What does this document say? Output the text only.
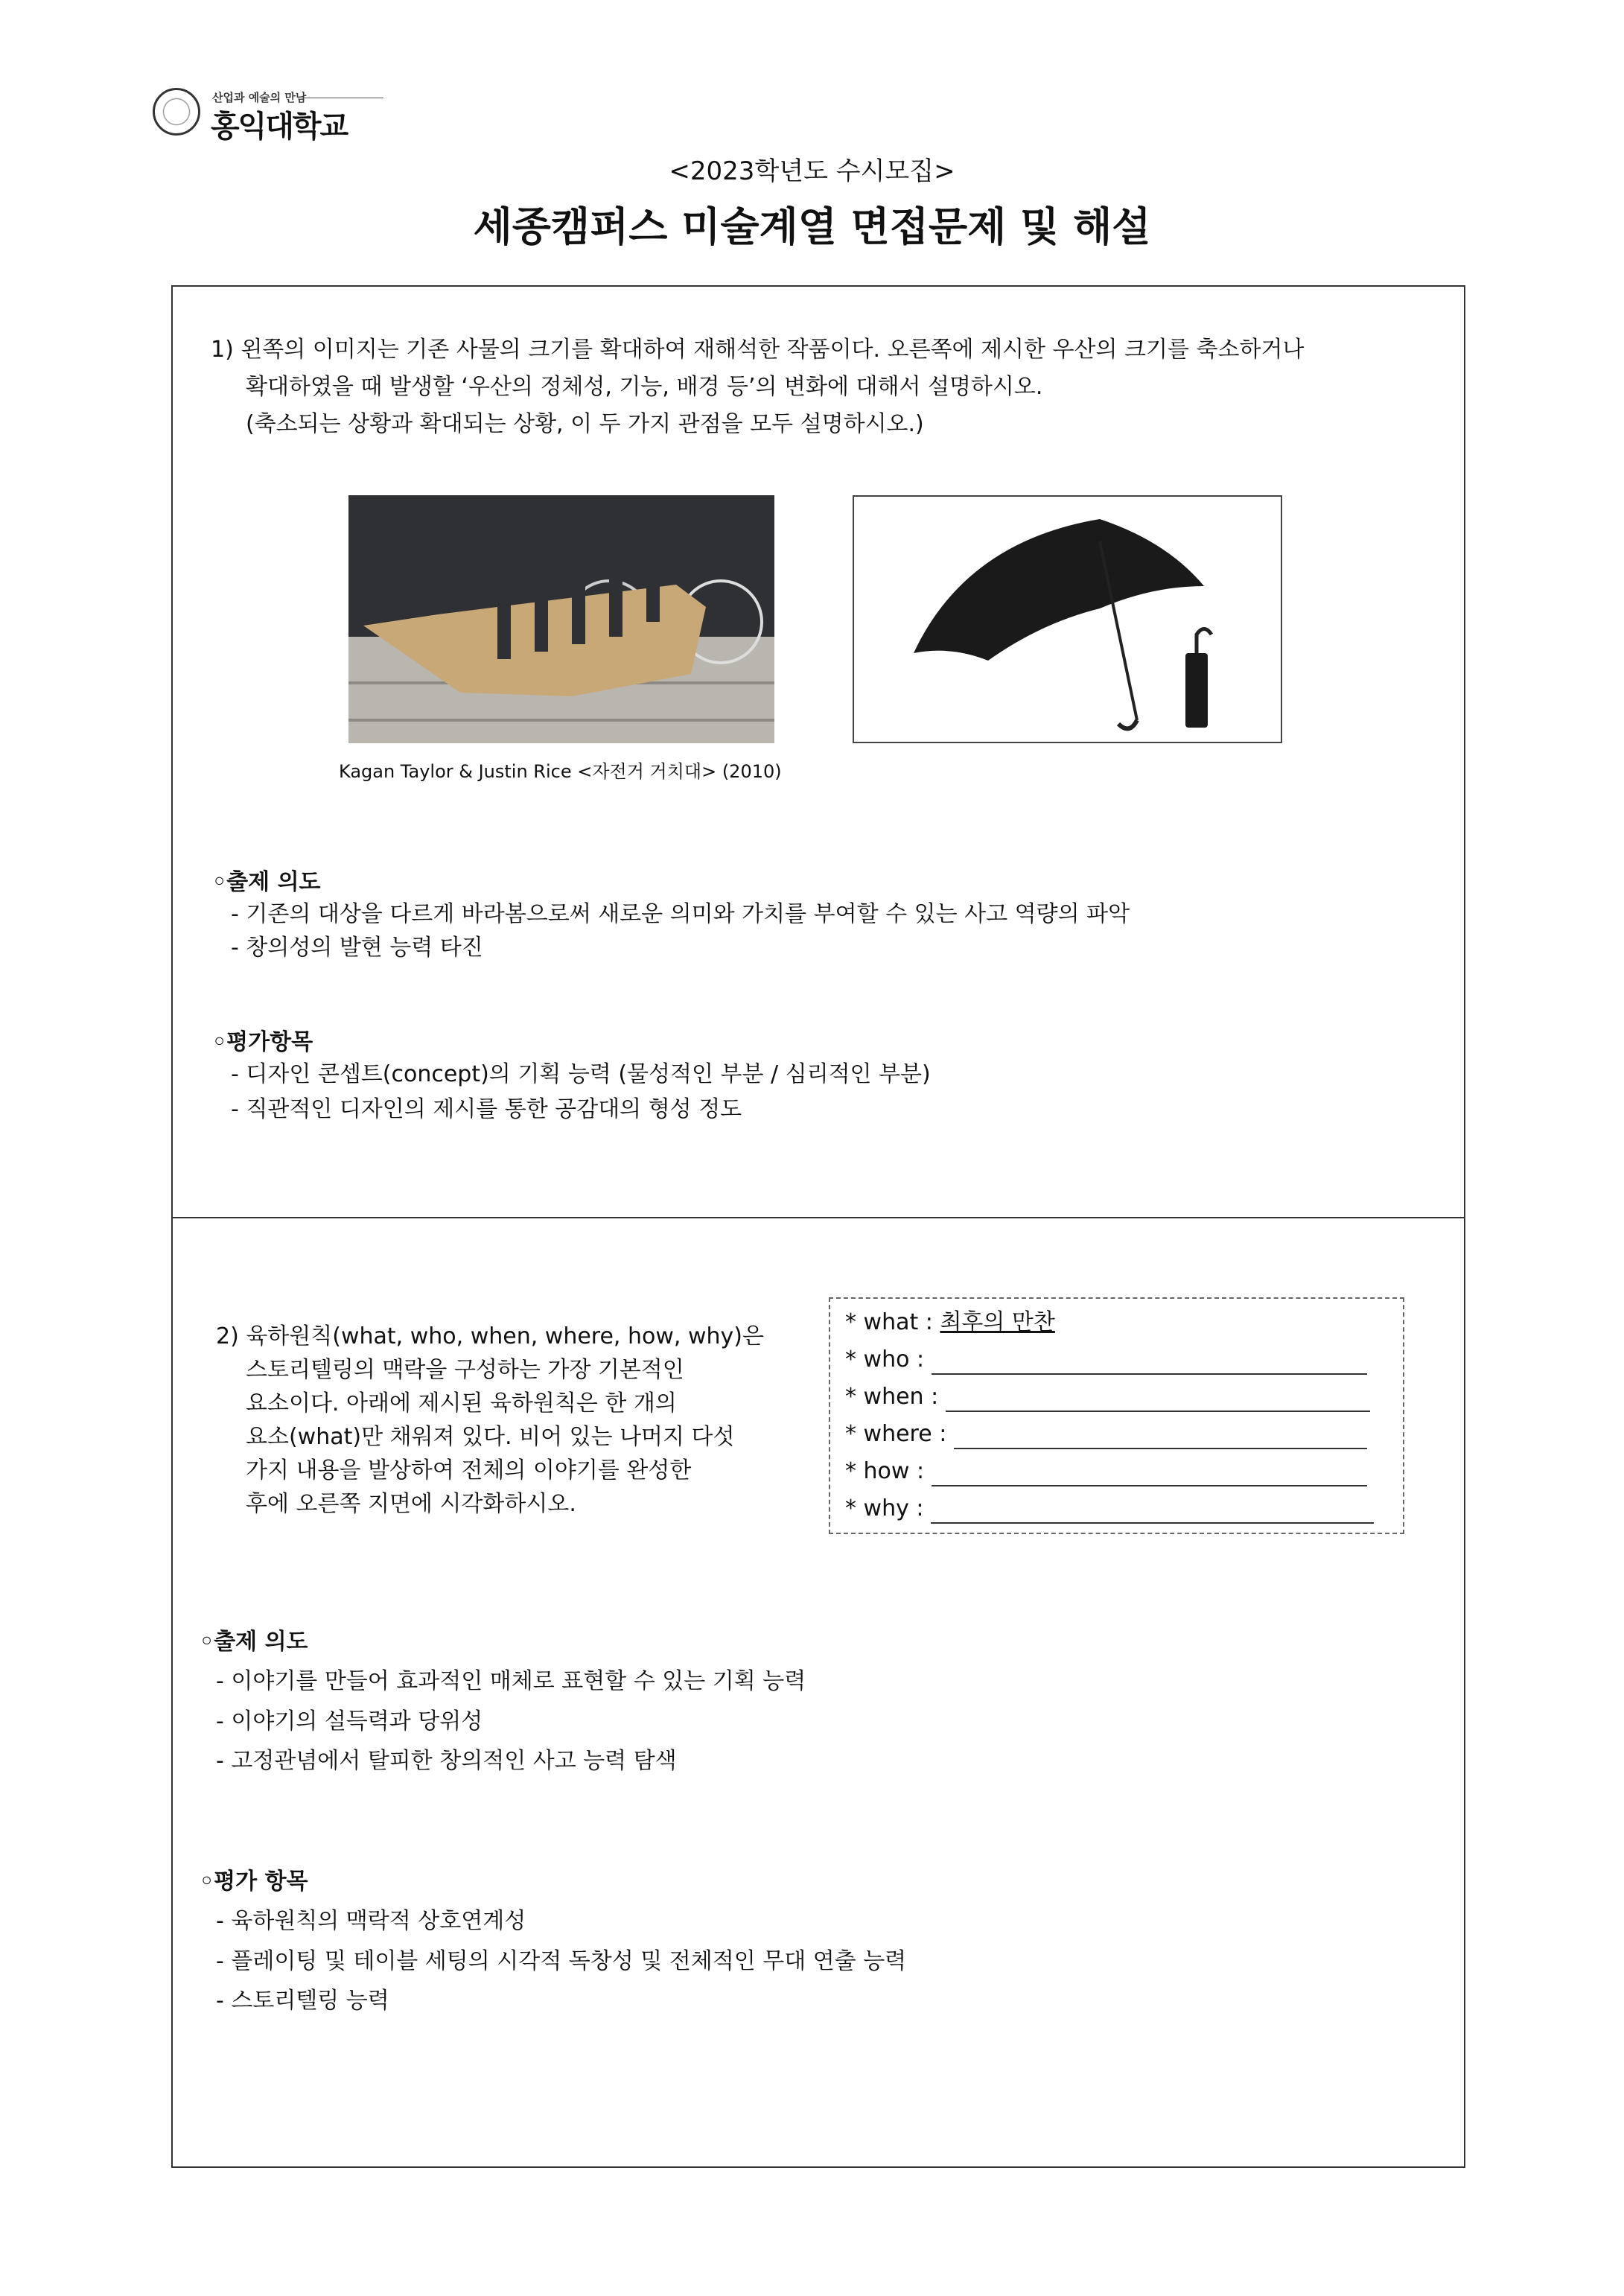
산업과 예술의 만남
홍익대학교
<2023학년도 수시모집>
세종캠퍼스 미술계열 면접문제 및 해설
1) 왼쪽의 이미지는 기존 사물의 크기를 확대하여 재해석한 작품이다. 오른쪽에 제시한 우산의 크기를 축소하거나
확대하였을 때 발생할 ‘우산의 정체성, 기능, 배경 등’의 변화에 대해서 설명하시오.
(축소되는 상황과 확대되는 상황, 이 두 가지 관점을 모두 설명하시오.)
Kagan Taylor & Justin Rice <자전거 거치대> (2010)
◦출제 의도
- 기존의 대상을 다르게 바라봄으로써 새로운 의미와 가치를 부여할 수 있는 사고 역량의 파악
- 창의성의 발현 능력 타진
◦평가항목
- 디자인 콘셉트(concept)의 기획 능력 (물성적인 부분 / 심리적인 부분)
- 직관적인 디자인의 제시를 통한 공감대의 형성 정도
2) 육하원칙(what, who, when, where, how, why)은
스토리텔링의 맥락을 구성하는 가장 기본적인
요소이다. 아래에 제시된 육하원칙은 한 개의
요소(what)만 채워져 있다. 비어 있는 나머지 다섯
가지 내용을 발상하여 전체의 이야기를 완성한
후에 오른쪽 지면에 시각화하시오.
* what : 최후의 만찬
* who :
* when :
* where :
* how :
* why :
◦출제 의도
- 이야기를 만들어 효과적인 매체로 표현할 수 있는 기획 능력
- 이야기의 설득력과 당위성
- 고정관념에서 탈피한 창의적인 사고 능력 탐색
◦평가 항목
- 육하원칙의 맥락적 상호연계성
- 플레이팅 및 테이블 세팅의 시각적 독창성 및 전체적인 무대 연출 능력
- 스토리텔링 능력
